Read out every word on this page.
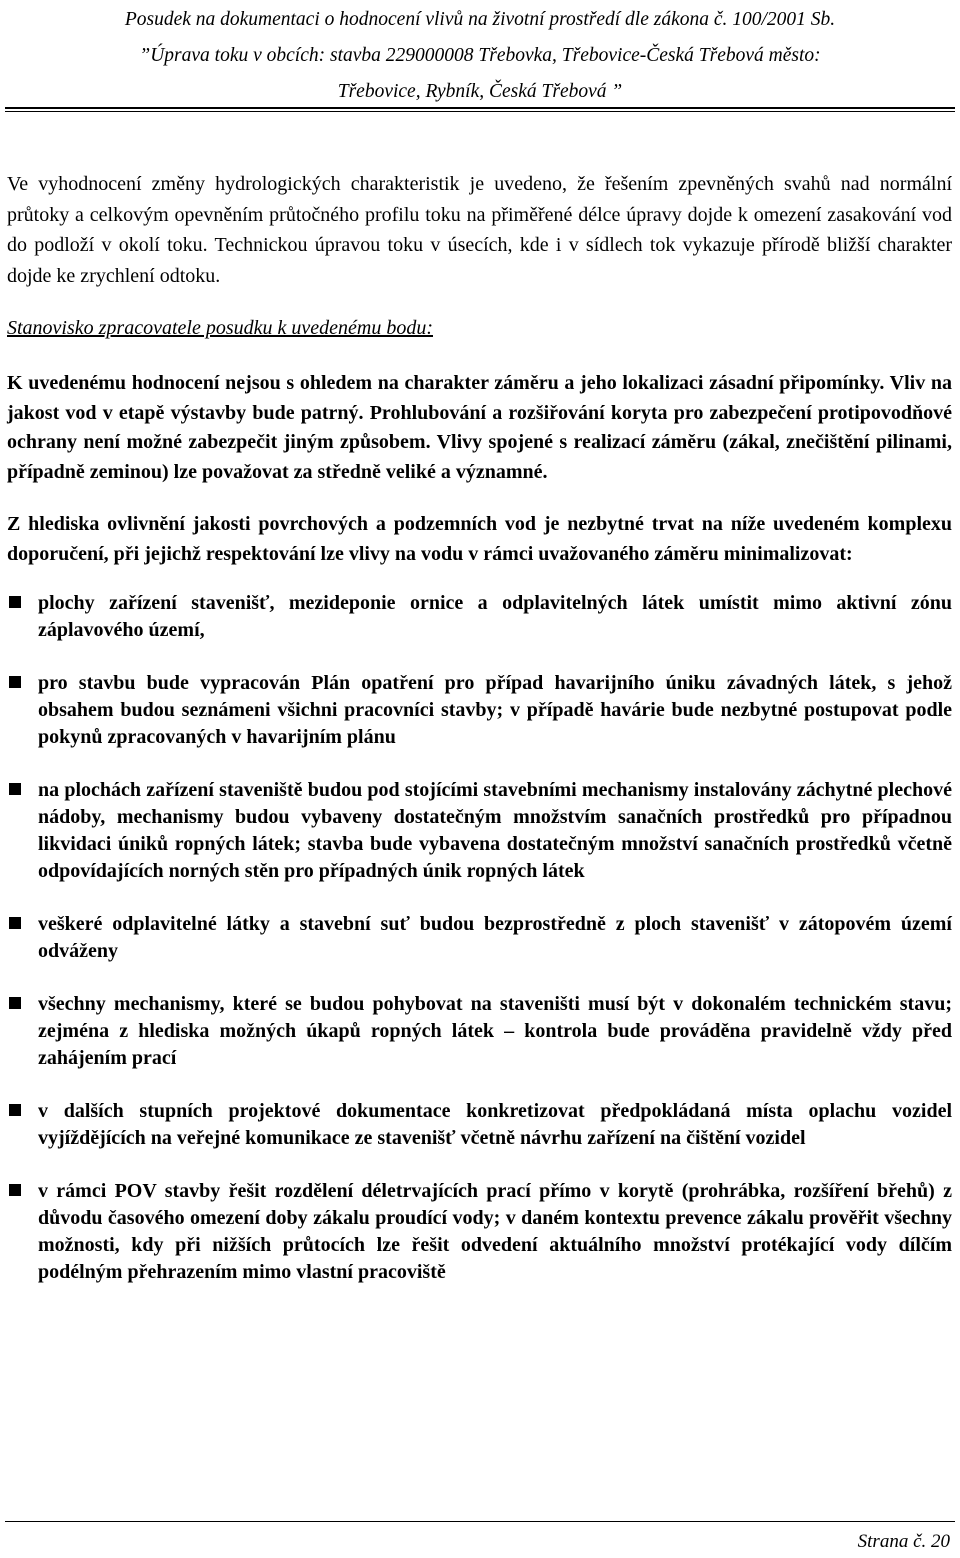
Posudek na dokumentaci o hodnocení vlivů na životní prostředí dle zákona č. 100/2001 Sb.
”Úprava toku v obcích: stavba 229000008 Třebovka, Třebovice-Česká Třebová město:
Třebovice, Rybník, Česká Třebová ”

Ve vyhodnocení změny hydrologických charakteristik je uvedeno, že řešením zpevněných svahů nad normální průtoky a celkovým opevněním průtočného profilu toku na přiměřené délce úpravy dojde k omezení zasakování vod do podloží v okolí toku. Technickou úpravou toku v úsecích, kde i v sídlech tok vykazuje přírodě bližší charakter dojde ke zrychlení odtoku.

Stanovisko zpracovatele posudku k uvedenému bodu:

K uvedenému hodnocení nejsou s ohledem na charakter záměru a jeho lokalizaci zásadní připomínky. Vliv na jakost vod v etapě výstavby bude patrný. Prohlubování a rozšiřování koryta pro zabezpečení protipovodňové ochrany není možné zabezpečit jiným způsobem. Vlivy spojené s realizací záměru (zákal, znečištění pilinami, případně zeminou) lze považovat za středně veliké a významné.

Z hlediska ovlivnění jakosti povrchových a podzemních vod je nezbytné trvat na níže uvedeném komplexu doporučení, při jejichž respektování lze vlivy na vodu v rámci uvažovaného záměru minimalizovat:

plochy zařízení stavenišť, mezideponie ornice a odplavitelných látek umístit mimo aktivní zónu záplavového území,
pro stavbu bude vypracován Plán opatření pro případ havarijního úniku závadných látek, s jehož obsahem budou seznámeni všichni pracovníci stavby; v případě havárie bude nezbytné postupovat podle pokynů zpracovaných v havarijním plánu
na plochách zařízení staveniště budou pod stojícími stavebními mechanismy instalovány záchytné plechové nádoby, mechanismy budou vybaveny dostatečným množstvím sanačních prostředků pro případnou likvidaci úniků ropných látek; stavba bude vybavena dostatečným množství sanačních prostředků včetně odpovídajících norných stěn pro případných únik ropných látek
veškeré odplavitelné látky a stavební suť budou bezprostředně z ploch stavenišť v zátopovém území odváženy
všechny mechanismy, které se budou pohybovat na staveništi musí být v dokonalém technickém stavu; zejména z hlediska možných úkapů ropných látek – kontrola bude prováděna pravidelně vždy před zahájením prací
v dalších stupních projektové dokumentace konkretizovat předpokládaná místa oplachu vozidel vyjíždějících na veřejné komunikace ze stavenišť včetně návrhu zařízení na čištění vozidel
v rámci POV stavby řešit rozdělení déletrvajících prací přímo v korytě (prohrábka, rozšíření břehů) z důvodu časového omezení doby zákalu proudící vody; v daném kontextu prevence zákalu prověřit všechny možnosti, kdy při nižších průtocích lze řešit odvedení aktuálního množství protékající vody dílčím podélným přehrazením mimo vlastní pracoviště
Strana č. 20
